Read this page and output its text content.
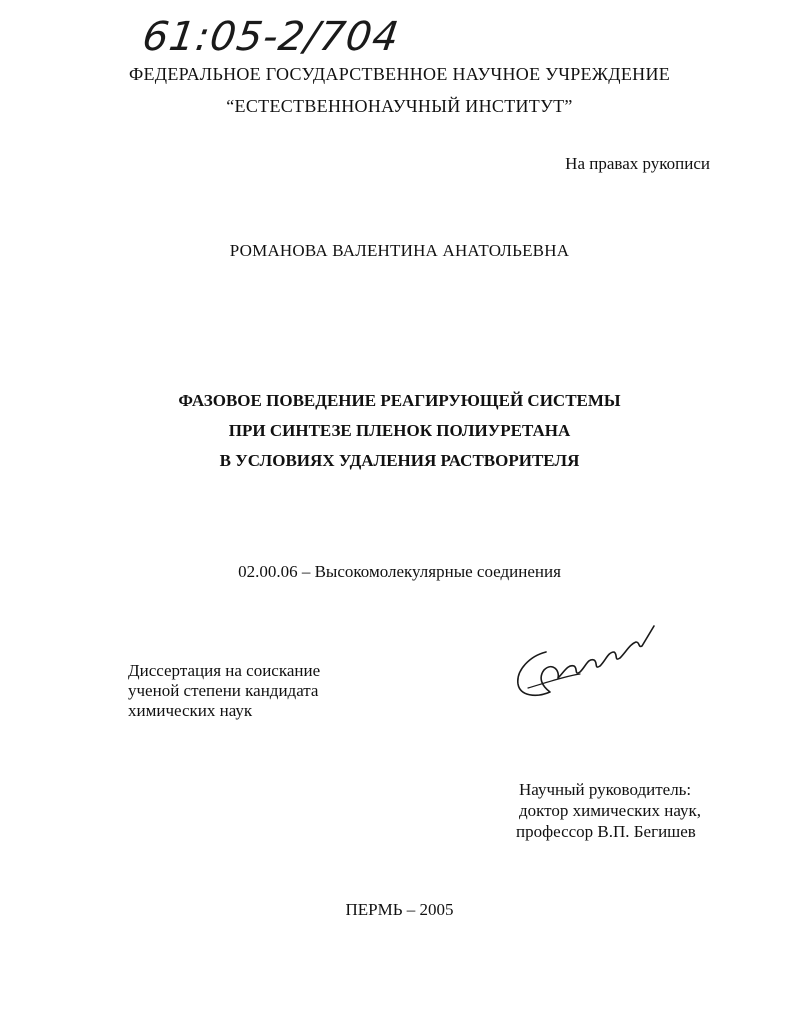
61:05-2/704
ФЕДЕРАЛЬНОЕ ГОСУДАРСТВЕННОЕ НАУЧНОЕ УЧРЕЖДЕНИЕ
“ЕСТЕСТВЕННОНАУЧНЫЙ ИНСТИТУТ”
На правах рукописи
РОМАНОВА ВАЛЕНТИНА АНАТОЛЬЕВНА
ФАЗОВОЕ ПОВЕДЕНИЕ РЕАГИРУЮЩЕЙ СИСТЕМЫ
ПРИ СИНТЕЗЕ ПЛЕНОК ПОЛИУРЕТАНА
В УСЛОВИЯХ УДАЛЕНИЯ РАСТВОРИТЕЛЯ
02.00.06 – Высокомолекулярные соединения
Диссертация на соискание
ученой степени кандидата
химических наук
Научный руководитель:
доктор химических наук,
профессор В.П. Бегишев
ПЕРМЬ – 2005
